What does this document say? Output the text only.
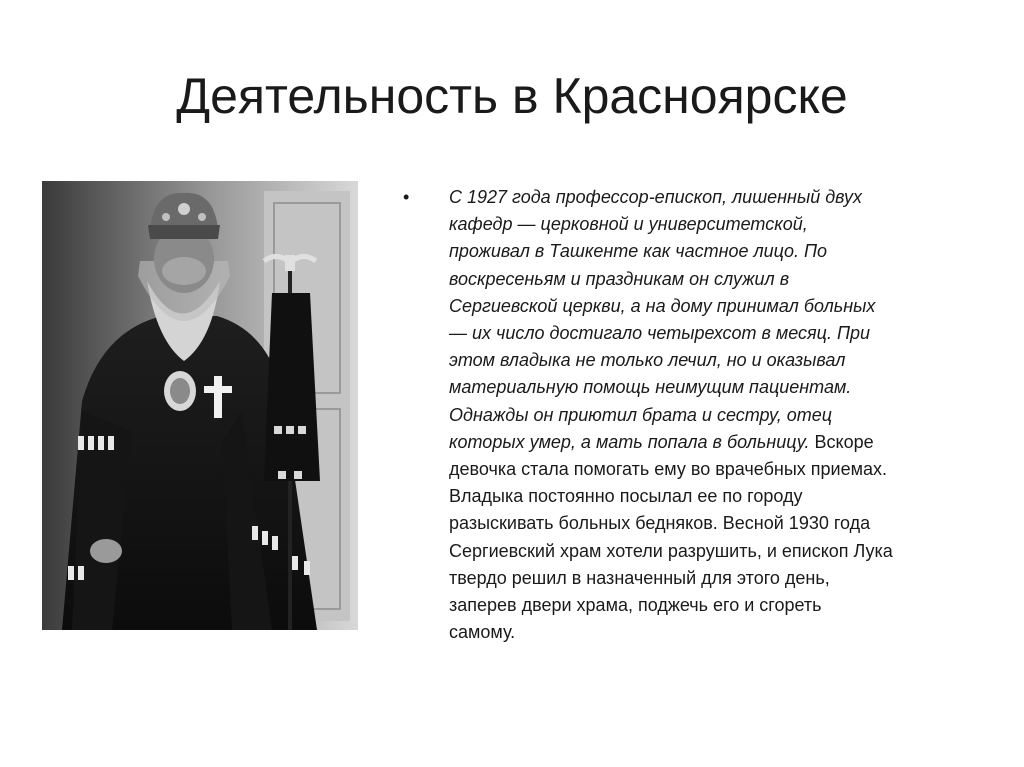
Деятельность в Красноярске
• С 1927 года профессор-епископ, лишенный двух
кафедр — церковной и университетской,
проживал в Ташкенте как частное лицо. По
воскресеньям и праздникам он служил в
Сергиевской церкви, а на дому принимал больных
— их число достигало четырехсот в месяц. При
этом владыка не только лечил, но и оказывал
материальную помощь неимущим пациентам.
Однажды он приютил брата и сестру, отец
которых умер, а мать попала в больницу. Вскоре
девочка стала помогать ему во врачебных приемах.
Владыка постоянно посылал ее по городу
разыскивать больных бедняков. Весной 1930 года
Сергиевский храм хотели разрушить, и епископ Лука
твердо решил в назначенный для этого день,
заперев двери храма, поджечь его и сгореть
самому.
